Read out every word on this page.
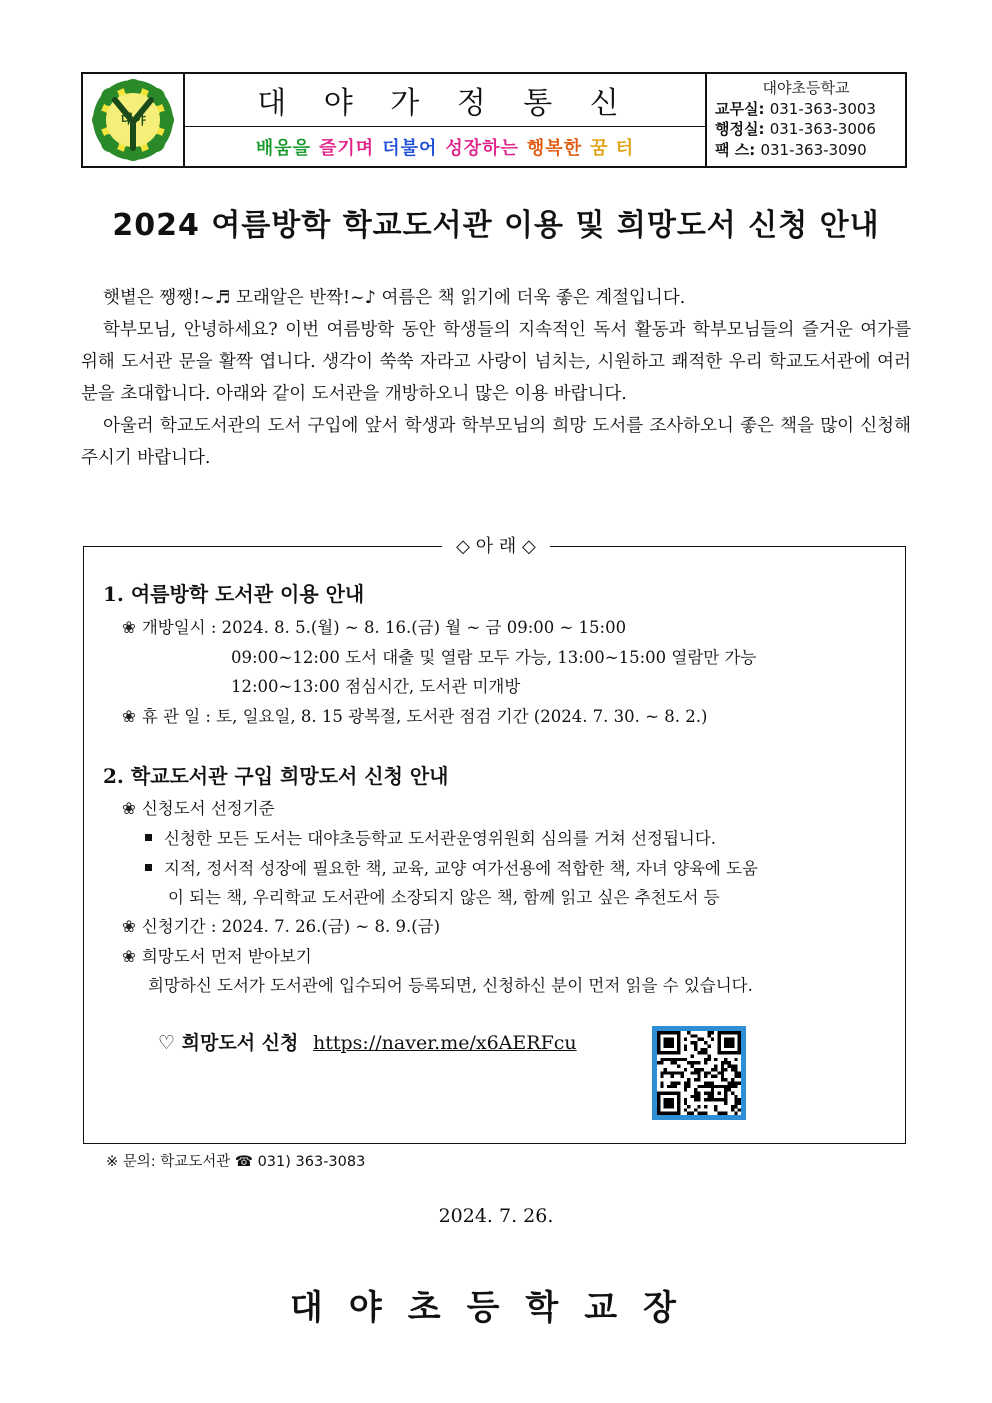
대야	대 야 가 정 통 신
배움을 즐기며 더불어 성장하는 행복한 꿈 터
대야초등학교
교무실: 031-363-3003
행정실: 031-363-3006
팩 스: 031-363-3090
2024 여름방학 학교도서관 이용 및 희망도서 신청 안내

햇볕은 쨍쨍!~♬ 모래알은 반짝!~♪ 여름은 책 읽기에 더욱 좋은 계절입니다.

학부모님, 안녕하세요? 이번 여름방학 동안 학생들의 지속적인 독서 활동과 학부모님들의 즐거운 여가를 위해 도서관 문을 활짝 엽니다. 생각이 쑥쑥 자라고 사랑이 넘치는, 시원하고 쾌적한 우리 학교도서관에 여러분을 초대합니다. 아래와 같이 도서관을 개방하오니 많은 이용 바랍니다.

아울러 학교도서관의 도서 구입에 앞서 학생과 학부모님의 희망 도서를 조사하오니 좋은 책을 많이 신청해 주시기 바랍니다.

◇ 아 래 ◇
1. 여름방학 도서관 이용 안내
❀ 개방일시 : 2024. 8. 5.(월) ~ 8. 16.(금) 월 ~ 금 09:00 ~ 15:00
09:00~12:00 도서 대출 및 열람 모두 가능, 13:00~15:00 열람만 가능
12:00~13:00 점심시간, 도서관 미개방
❀ 휴 관 일 : 토, 일요일, 8. 15 광복절, 도서관 점검 기간 (2024. 7. 30. ~ 8. 2.)
2. 학교도서관 구입 희망도서 신청 안내
❀ 신청도서 선정기준
신청한 모든 도서는 대야초등학교 도서관운영위원회 심의를 거쳐 선정됩니다.
지적, 정서적 성장에 필요한 책, 교육, 교양 여가선용에 적합한 책, 자녀 양육에 도움
이 되는 책, 우리학교 도서관에 소장되지 않은 책, 함께 읽고 싶은 추천도서 등
❀ 신청기간 : 2024. 7. 26.(금) ~ 8. 9.(금)
❀ 희망도서 먼저 받아보기
희망하신 도서가 도서관에 입수되어 등록되면, 신청하신 분이 먼저 읽을 수 있습니다.
♡ 희망도서 신청 https://naver.me/x6AERFcu
※ 문의: 학교도서관 ☎ 031) 363-3083
2024. 7. 26.
대야초등학교장
